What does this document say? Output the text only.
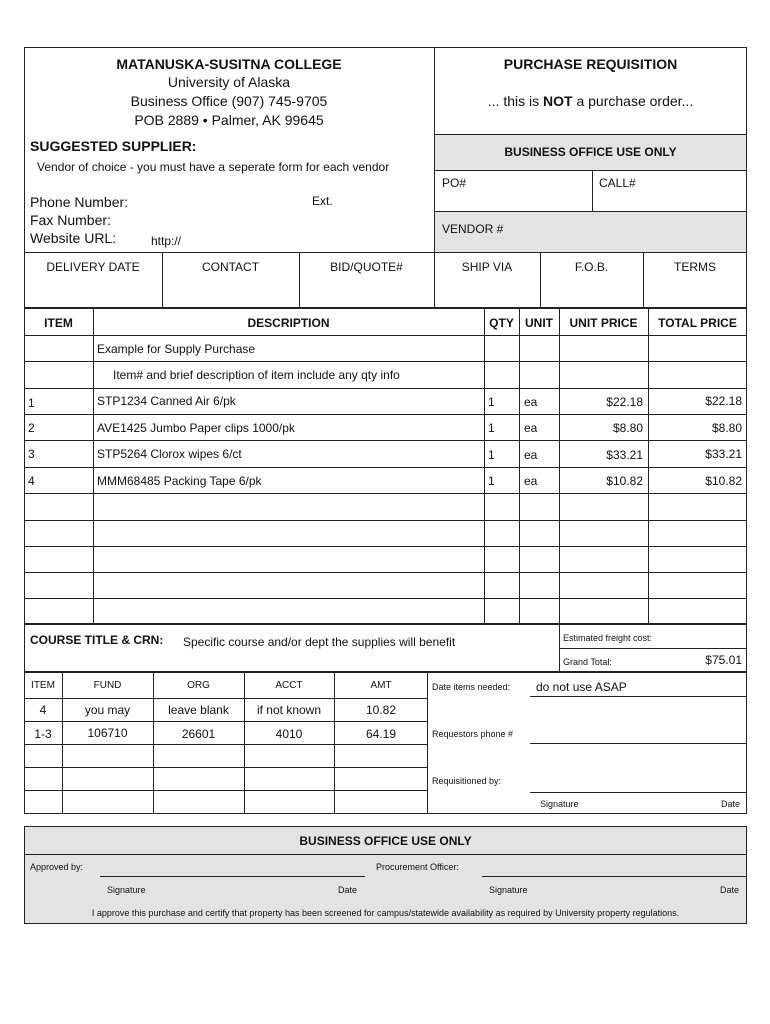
MATANUSKA-SUSITNA COLLEGE
University of Alaska
Business Office (907) 745-9705
POB 2889 • Palmer, AK 99645
PURCHASE REQUISITION
... this is NOT a purchase order...
SUGGESTED SUPPLIER:
Vendor of choice - you must have a seperate form for each vendor
Phone Number:	Ext.
Fax Number:
Website URL:	http://
BUSINESS OFFICE USE ONLY
PO#	CALL#
VENDOR #
DELIVERY DATE	CONTACT	BID/QUOTE#	SHIP VIA	F.O.B.	TERMS
ITEM	DESCRIPTION	QTY UNIT	UNIT PRICE	TOTAL PRICE
Example for Supply Purchase
Item# and brief description of item include any qty info
1	STP1234 Canned Air 6/pk	1 ea	$22.18	$22.18
2	AVE1425 Jumbo Paper clips 1000/pk	1 ea	$8.80	$8.80
3	STP5264 Clorox wipes 6/ct	1 ea	$33.21	$33.21
4	MMM68485 Packing Tape 6/pk	1 ea	$10.82	$10.82
COURSE TITLE & CRN: Specific course and/or dept the supplies will benefit	Estimated freight cost:
Grand Total:	$75.01
ITEM	FUND	ORG	ACCT	AMT
4	you may	leave blank	if not known	10.82
1-3	106710	26601	4010	64.19
Date items needed: do not use ASAP
Requestors phone #
Requisitioned by:
Signature	Date
BUSINESS OFFICE USE ONLY
Approved by:	Procurement Officer:
Signature	Date	Signature	Date
I approve this purchase and certify that property has been screened for campus/statewide availability as required by University property regulations.
